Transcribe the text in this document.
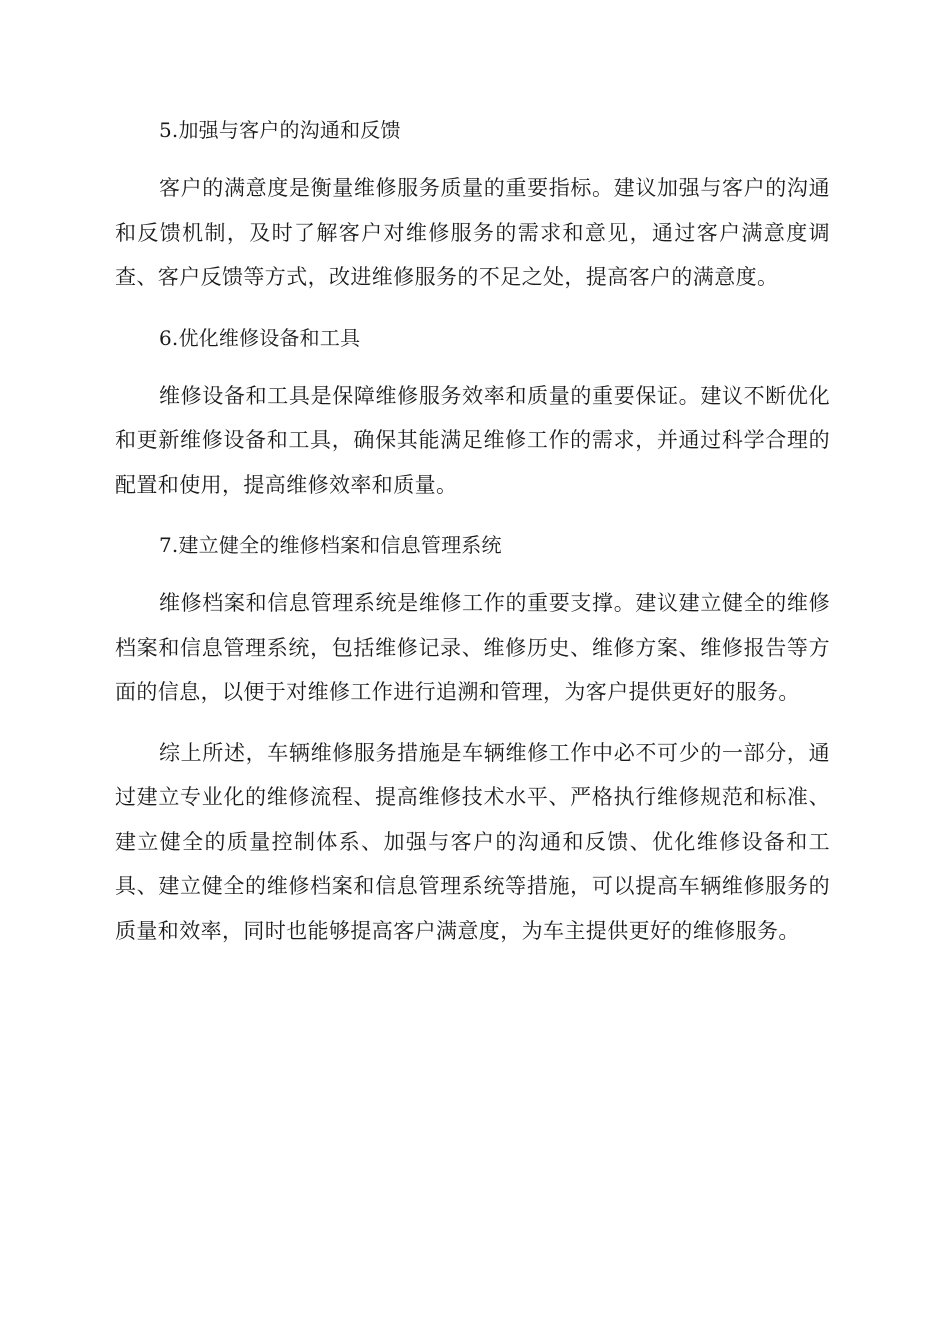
5.加强与客户的沟通和反馈

客户的满意度是衡量维修服务质量的重要指标。建议加强与客户的沟通和反馈机制，及时了解客户对维修服务的需求和意见，通过客户满意度调查、客户反馈等方式，改进维修服务的不足之处，提高客户的满意度。

6.优化维修设备和工具

维修设备和工具是保障维修服务效率和质量的重要保证。建议不断优化和更新维修设备和工具，确保其能满足维修工作的需求，并通过科学合理的配置和使用，提高维修效率和质量。

7.建立健全的维修档案和信息管理系统

维修档案和信息管理系统是维修工作的重要支撑。建议建立健全的维修档案和信息管理系统，包括维修记录、维修历史、维修方案、维修报告等方面的信息，以便于对维修工作进行追溯和管理，为客户提供更好的服务。

综上所述，车辆维修服务措施是车辆维修工作中必不可少的一部分，通过建立专业化的维修流程、提高维修技术水平、严格执行维修规范和标准、建立健全的质量控制体系、加强与客户的沟通和反馈、优化维修设备和工具、建立健全的维修档案和信息管理系统等措施，可以提高车辆维修服务的质量和效率，同时也能够提高客户满意度，为车主提供更好的维修服务。
